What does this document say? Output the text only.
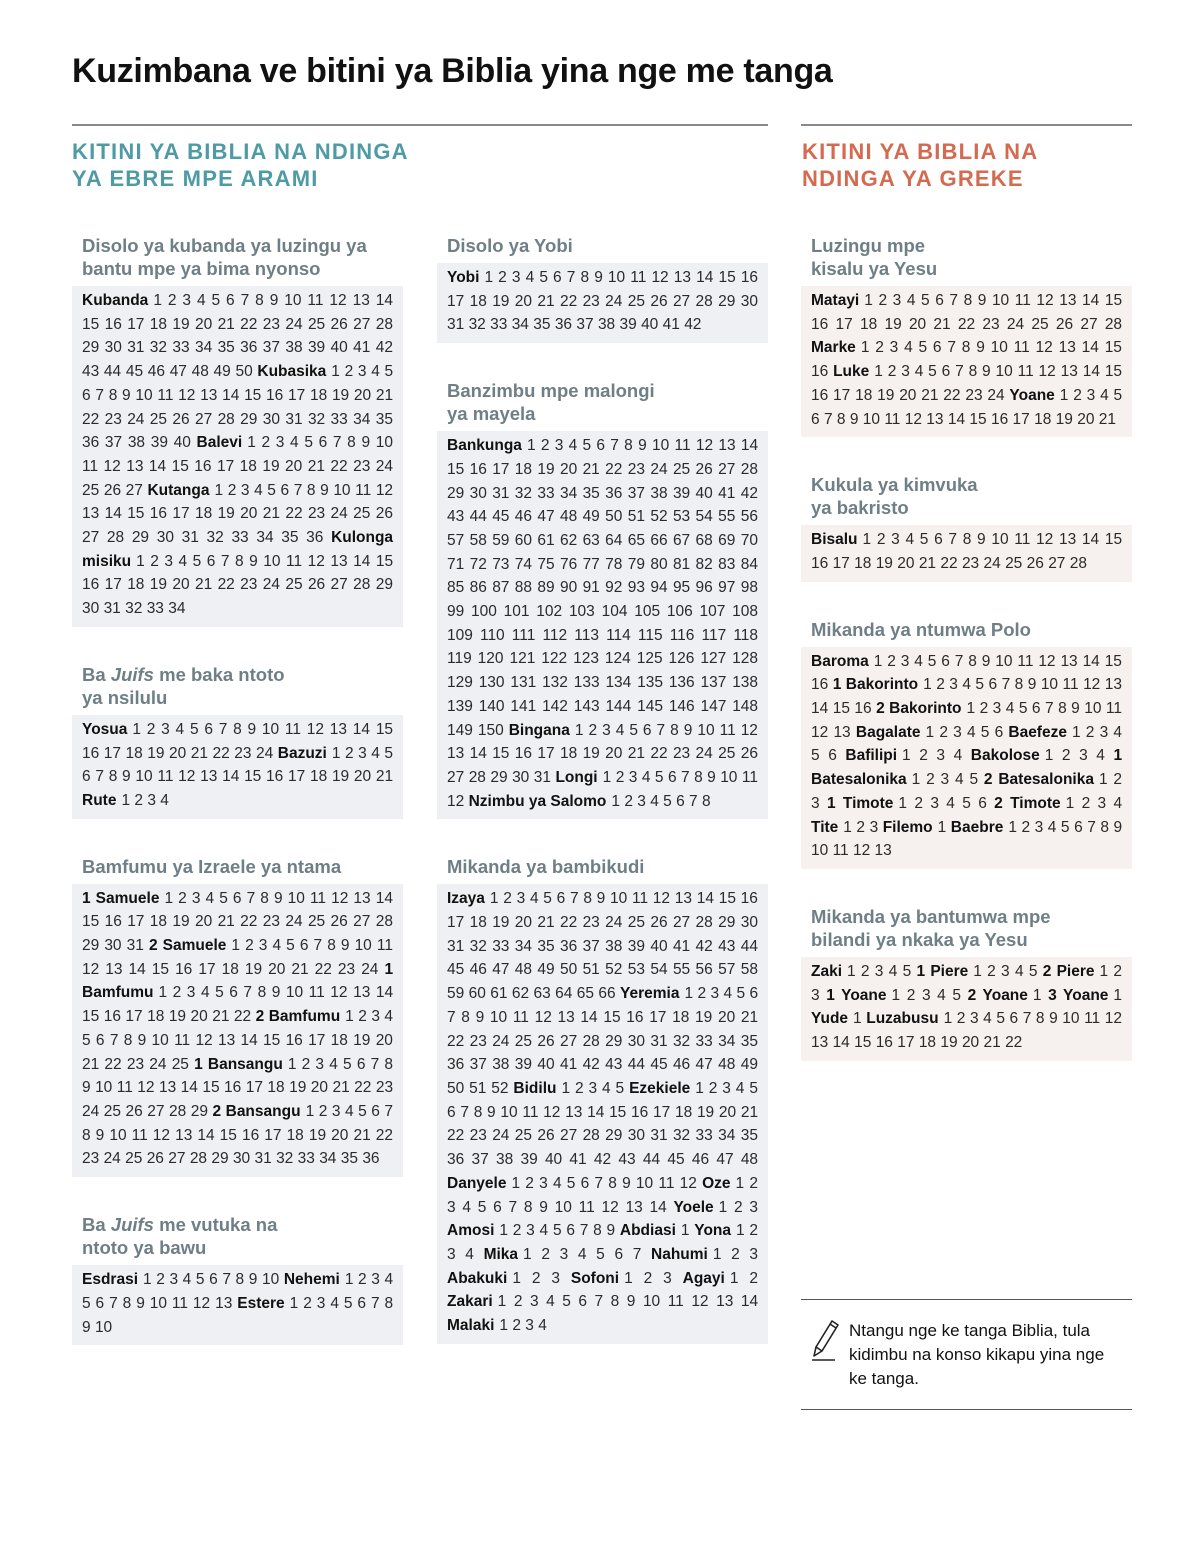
Kuzimbana ve bitini ya Biblia yina nge me tanga
KITINI YA BIBLIA NA NDINGA
YA EBRE MPE ARAMI
KITINI YA BIBLIA NA
NDINGA YA GREKE
Disolo ya kubanda ya luzingu ya
bantu mpe ya bima nyonso
Kubanda 1 2 3 4 5 6 7 8 9 10 11 12 13 14 15 16 17 18 19 20 21 22 23 24 25 26 27 28 29 30 31 32 33 34 35 36 37 38 39 40 41 42 43 44 45 46 47 48 49 50 Kubasika 1 2 3 4 5 6 7 8 9 10 11 12 13 14 15 16 17 18 19 20 21 22 23 24 25 26 27 28 29 30 31 32 33 34 35 36 37 38 39 40 Balevi 1 2 3 4 5 6 7 8 9 10 11 12 13 14 15 16 17 18 19 20 21 22 23 24 25 26 27 Kutanga 1 2 3 4 5 6 7 8 9 10 11 12 13 14 15 16 17 18 19 20 21 22 23 24 25 26 27 28 29 30 31 32 33 34 35 36 Kulonga misiku 1 2 3 4 5 6 7 8 9 10 11 12 13 14 15 16 17 18 19 20 21 22 23 24 25 26 27 28 29 30 31 32 33 34
Ba Juifs me baka ntoto
ya nsilulu
Yosua 1 2 3 4 5 6 7 8 9 10 11 12 13 14 15 16 17 18 19 20 21 22 23 24 Bazuzi 1 2 3 4 5 6 7 8 9 10 11 12 13 14 15 16 17 18 19 20 21 Rute 1 2 3 4
Bamfumu ya Izraele ya ntama
1 Samuele 1 2 3 4 5 6 7 8 9 10 11 12 13 14 15 16 17 18 19 20 21 22 23 24 25 26 27 28 29 30 31 2 Samuele 1 2 3 4 5 6 7 8 9 10 11 12 13 14 15 16 17 18 19 20 21 22 23 24 1 Bamfumu 1 2 3 4 5 6 7 8 9 10 11 12 13 14 15 16 17 18 19 20 21 22 2 Bamfumu 1 2 3 4 5 6 7 8 9 10 11 12 13 14 15 16 17 18 19 20 21 22 23 24 25 1 Bansangu 1 2 3 4 5 6 7 8 9 10 11 12 13 14 15 16 17 18 19 20 21 22 23 24 25 26 27 28 29 2 Bansangu 1 2 3 4 5 6 7 8 9 10 11 12 13 14 15 16 17 18 19 20 21 22 23 24 25 26 27 28 29 30 31 32 33 34 35 36
Ba Juifs me vutuka na
ntoto ya bawu
Esdrasi 1 2 3 4 5 6 7 8 9 10 Nehemi 1 2 3 4 5 6 7 8 9 10 11 12 13 Estere 1 2 3 4 5 6 7 8 9 10
Disolo ya Yobi
Yobi 1 2 3 4 5 6 7 8 9 10 11 12 13 14 15 16 17 18 19 20 21 22 23 24 25 26 27 28 29 30 31 32 33 34 35 36 37 38 39 40 41 42
Banzimbu mpe malongi
ya mayela
Bankunga 1 2 3 4 5 6 7 8 9 10 11 12 13 14 15 16 17 18 19 20 21 22 23 24 25 26 27 28 29 30 31 32 33 34 35 36 37 38 39 40 41 42 43 44 45 46 47 48 49 50 51 52 53 54 55 56 57 58 59 60 61 62 63 64 65 66 67 68 69 70 71 72 73 74 75 76 77 78 79 80 81 82 83 84 85 86 87 88 89 90 91 92 93 94 95 96 97 98 99 100 101 102 103 104 105 106 107 108 109 110 111 112 113 114 115 116 117 118 119 120 121 122 123 124 125 126 127 128 129 130 131 132 133 134 135 136 137 138 139 140 141 142 143 144 145 146 147 148 149 150 Bingana 1 2 3 4 5 6 7 8 9 10 11 12 13 14 15 16 17 18 19 20 21 22 23 24 25 26 27 28 29 30 31 Longi 1 2 3 4 5 6 7 8 9 10 11 12 Nzimbu ya Salomo 1 2 3 4 5 6 7 8
Mikanda ya bambikudi
Izaya 1 2 3 4 5 6 7 8 9 10 11 12 13 14 15 16 17 18 19 20 21 22 23 24 25 26 27 28 29 30 31 32 33 34 35 36 37 38 39 40 41 42 43 44 45 46 47 48 49 50 51 52 53 54 55 56 57 58 59 60 61 62 63 64 65 66 Yeremia 1 2 3 4 5 6 7 8 9 10 11 12 13 14 15 16 17 18 19 20 21 22 23 24 25 26 27 28 29 30 31 32 33 34 35 36 37 38 39 40 41 42 43 44 45 46 47 48 49 50 51 52 Bidilu 1 2 3 4 5 Ezekiele 1 2 3 4 5 6 7 8 9 10 11 12 13 14 15 16 17 18 19 20 21 22 23 24 25 26 27 28 29 30 31 32 33 34 35 36 37 38 39 40 41 42 43 44 45 46 47 48 Danyele 1 2 3 4 5 6 7 8 9 10 11 12 Oze 1 2 3 4 5 6 7 8 9 10 11 12 13 14 Yoele 1 2 3 Amosi 1 2 3 4 5 6 7 8 9 Abdiasi 1 Yona 1 2 3 4 Mika 1 2 3 4 5 6 7 Nahumi 1 2 3 Abakuki 1 2 3 Sofoni 1 2 3 Agayi 1 2 Zakari 1 2 3 4 5 6 7 8 9 10 11 12 13 14 Malaki 1 2 3 4
Luzingu mpe
kisalu ya Yesu
Matayi 1 2 3 4 5 6 7 8 9 10 11 12 13 14 15 16 17 18 19 20 21 22 23 24 25 26 27 28 Marke 1 2 3 4 5 6 7 8 9 10 11 12 13 14 15 16 Luke 1 2 3 4 5 6 7 8 9 10 11 12 13 14 15 16 17 18 19 20 21 22 23 24 Yoane 1 2 3 4 5 6 7 8 9 10 11 12 13 14 15 16 17 18 19 20 21
Kukula ya kimvuka
ya bakristo
Bisalu 1 2 3 4 5 6 7 8 9 10 11 12 13 14 15 16 17 18 19 20 21 22 23 24 25 26 27 28
Mikanda ya ntumwa Polo
Baroma 1 2 3 4 5 6 7 8 9 10 11 12 13 14 15 16 1 Bakorinto 1 2 3 4 5 6 7 8 9 10 11 12 13 14 15 16 2 Bakorinto 1 2 3 4 5 6 7 8 9 10 11 12 13 Bagalate 1 2 3 4 5 6 Baefeze 1 2 3 4 5 6 Bafilipi 1 2 3 4 Bakolose 1 2 3 4 1 Batesalonika 1 2 3 4 5 2 Batesalonika 1 2 3 1 Timote 1 2 3 4 5 6 2 Timote 1 2 3 4 Tite 1 2 3 Filemo 1 Baebre 1 2 3 4 5 6 7 8 9 10 11 12 13
Mikanda ya bantumwa mpe
bilandi ya nkaka ya Yesu
Zaki 1 2 3 4 5 1 Piere 1 2 3 4 5 2 Piere 1 2 3 1 Yoane 1 2 3 4 5 2 Yoane 1 3 Yoane 1 Yude 1 Luzabusu 1 2 3 4 5 6 7 8 9 10 11 12 13 14 15 16 17 18 19 20 21 22
Ntangu nge ke tanga Biblia, tula kidimbu na konso kikapu yina nge ke tanga.
